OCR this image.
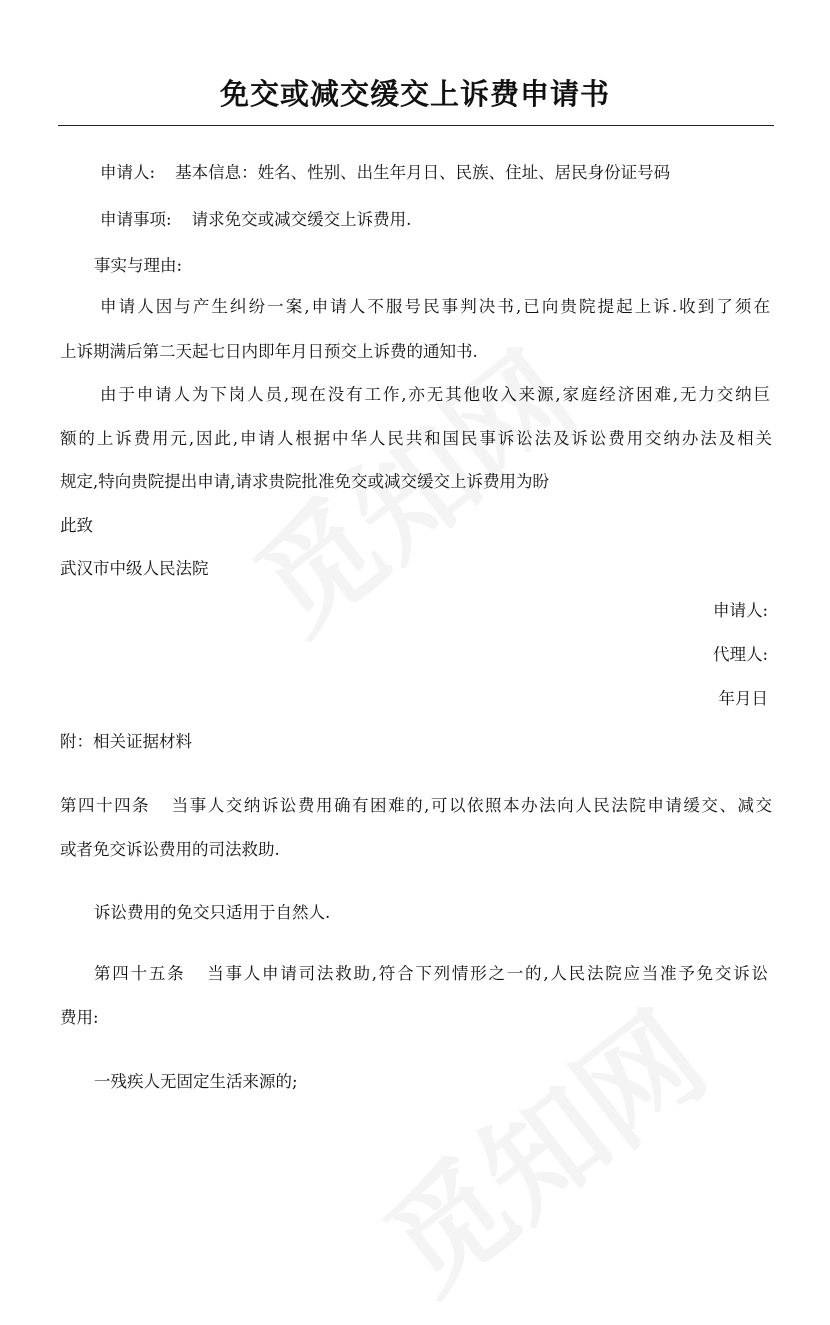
免交或减交缓交上诉费申请书
申请人: 基本信息：姓名、性别、出生年月日、民族、住址、居民身份证号码
申请事项: 请求免交或减交缓交上诉费用.
事实与理由:
申请人因与产生纠纷一案,申请人不服号民事判决书,已向贵院提起上诉.收到了须在
上诉期满后第二天起七日内即年月日预交上诉费的通知书.
由于申请人为下岗人员,现在没有工作,亦无其他收入来源,家庭经济困难,无力交纳巨
额的上诉费用元,因此,申请人根据中华人民共和国民事诉讼法及诉讼费用交纳办法及相关
规定,特向贵院提出申请,请求贵院批准免交或减交缓交上诉费用为盼
此致
武汉市中级人民法院
申请人:
代理人:
年月日
附：相关证据材料
第四十四条 当事人交纳诉讼费用确有困难的,可以依照本办法向人民法院申请缓交、减交
或者免交诉讼费用的司法救助.
诉讼费用的免交只适用于自然人.
第四十五条 当事人申请司法救助,符合下列情形之一的,人民法院应当准予免交诉讼
费用:
一残疾人无固定生活来源的;
